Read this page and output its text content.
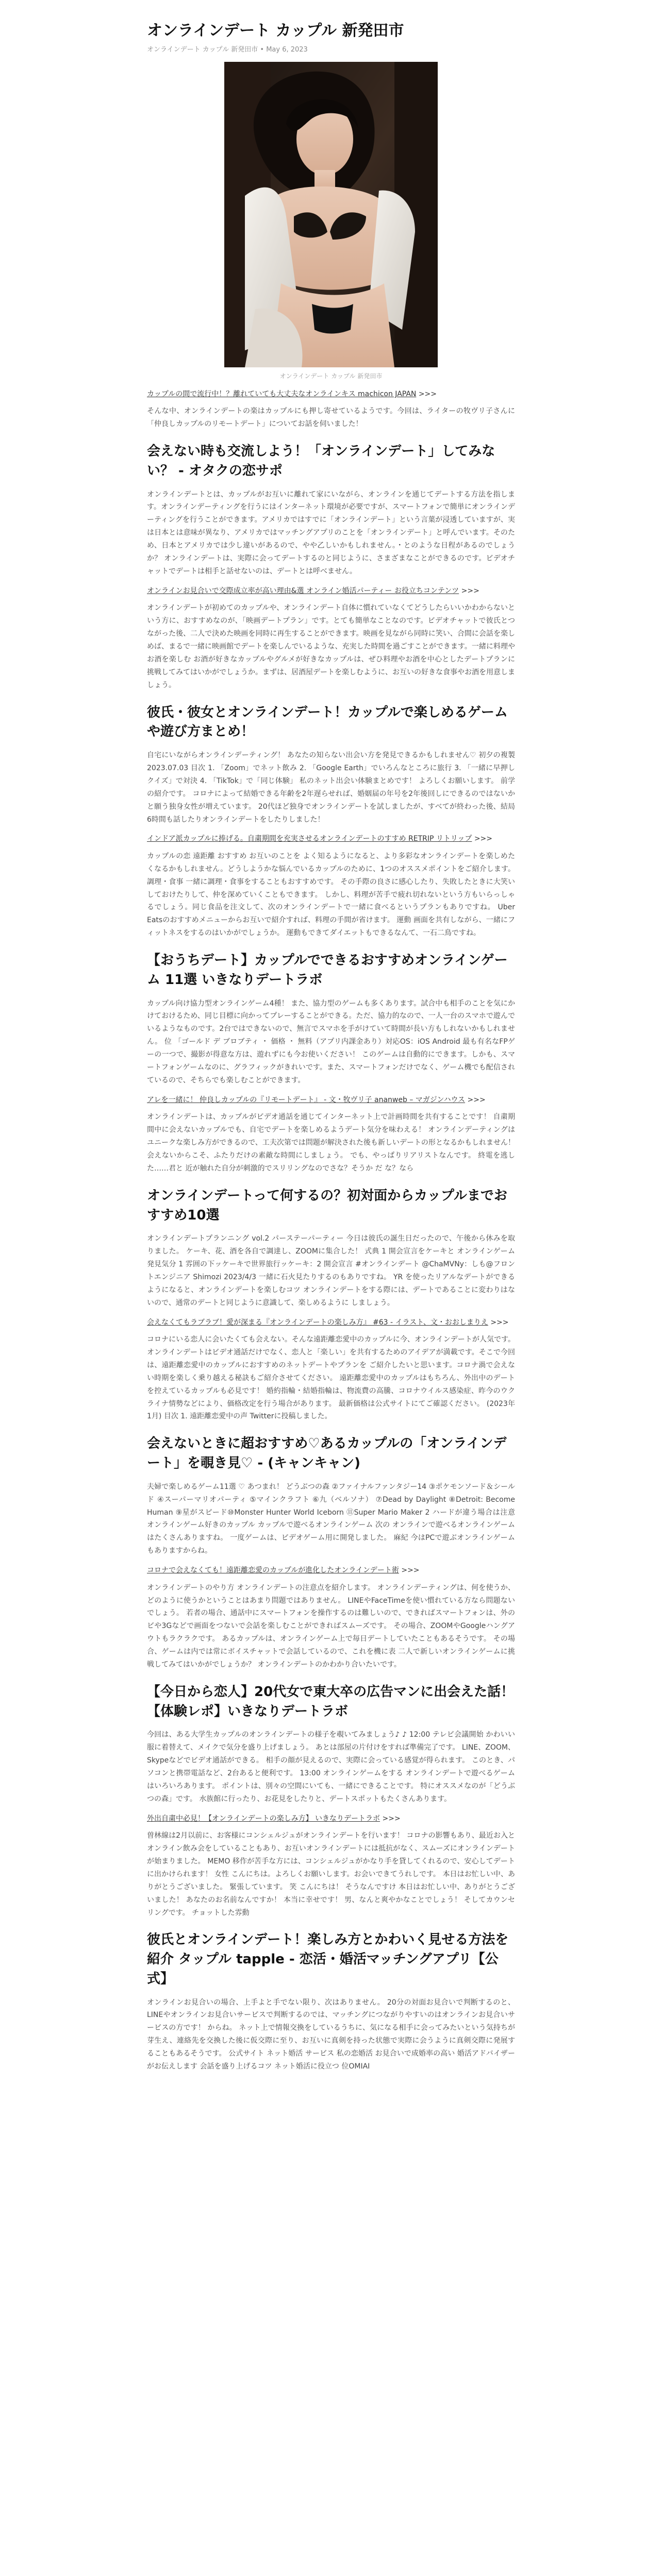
オンラインデート カップル 新発田市
オンラインデート カップル 新発田市 • May 6, 2023
オンラインデート カップル 新発田市
カップルの間で流行中！？離れていても大丈夫なオンラインキス machicon JAPAN >>>

そんな中、オンラインデートの楽はカップルにも押し寄せているようです。今回は、ライターの牧ヴリ子さんに「仲良しカップルのリモートデート」についてお話を伺いました！

会えない時も交流しよう！「オンラインデート」してみない？ - オタクの恋サポ

オンラインデートとは、カップルがお互いに離れて家にいながら、オンラインを通じてデートする方法を指します。オンラインデーティングを行うにはインターネット環境が必要ですが、スマートフォンで簡単にオンラインデーティングを行うことができます。アメリカではすでに「オンラインデート」という言葉が浸透していますが、実は日本とは意味が異なり、アメリカではマッチングアプリのことを「オンラインデート」と呼んでいます。そのため、日本とアメリカでは少し違いがあるので、やや乙しいかもしれません。・とのような日程があるのでしょうか？ オンラインデートは、実際に会ってデートするのと同じように、さまざまなことができるのです。ビデオチャットでデートは相手と話せないのは、デートとは呼べません。

オンラインお見合いで交際成立率が高い理由&選 オンライン婚活パーティー お役立ちコンテンツ >>>

オンラインデートが初めてのカップルや、オンラインデート自体に慣れていなくてどうしたらいいかわからないという方に、おすすめなのが、「映画デートプラン」です。とても簡単なことなのです。ビデオチャットで彼氏とつながった後、二人で決めた映画を同時に再生することができます。映画を見ながら同時に笑い、合間に会話を楽しめば、まるで一緒に映画館でデートを楽しんでいるような、充実した時間を過ごすことができます。一緒に料理や お酒を楽しむ お酒が好きなカップルやグルメが好きなカップルは、ぜひ料理やお酒を中心としたデートプランに挑戦してみてはいかがでしょうか。まずは、居酒屋デートを楽しむように、お互いの好きな食事やお酒を用意しましょう。

彼氏・彼女とオンラインデート！カップルで楽しめるゲームや遊び方まとめ！

自宅にいながらオンラインデーティング！ あなたの知らない出会い方を発見できるかもしれません♡ 初夕の複製 2023.07.03 目次 1. 「Zoom」でネット飲み 2. 「Google Earth」でいろんなところに旅行 3. 「一緒に早押しクイズ」で対決 4. 「TikTok」で「同じ体験」 私のネット出会い体験まとめです！ よろしくお願いします。 前学の紹介です。 コロナによって結婚できる年齢を2年遅らせれば、婚姻届の年号を2年後回しにできるのではないかと願う独身女性が増えています。 20代ほど独身でオンラインデートを試しましたが、すべてが終わった後、結局6時間も話したりオンラインデートをしたりしました！

インドア派カップルに捧げる。自粛期間を充実させるオンラインデートのすすめ RETRIP リトリップ >>>

カップルの恋 遠距離 おすすめ お互いのことを よく知るようになると、より多彩なオンラインデートを楽しめたくなるかもしれません。どうしようかな悩んでいるカップルのために、1つのオススメポイントをご紹介します。 調理・食事 一緒に調理・食事をすることもおすすめです。 その手際の良さに感心したり、失敗したときに大笑いしておけたりして、仲を深めていくこともできます。 しかし、料理が苦手で疲れ切れないという方もいらっしゃるでしょう。同じ食品を注文して、次のオンラインデートで一緒に食べるというプランもありですね。 Uber Eatsのおすすめメニューからお互いで紹介すれば、料理の手間が省けます。 運動 画面を共有しながら、一緒にフィットネスをするのはいかがでしょうか。 運動もできてダイエットもできるなんて、一石二鳥ですね。

【おうちデート】カップルでできるおすすめオンラインゲーム 11選 いきなりデートラボ

カップル向け協力型オンラインゲーム4種！ また、協力型のゲームも多くあります。試合中も相手のことを気にかけておけるため、同じ目標に向かってプレーすることができる。ただ、協力的なので、一人一台のスマホで遊んでいるようなものです。2台ではできないので、無言でスマホを手がけていて時間が長い方もしれないかもしれません。 位 「ゴールド デ ブロブティ ・ 価格 ・ 無料（アプリ内課金あり）対応OS：iOS Android 最も有名なFPゲーの一つで、撮影が得意な方は、遊れずにも今お使いください！ このゲームは自動的にできます。しかも、スマートフォンゲームなのに、グラフィックがきれいです。また、スマートフォンだけでなく、ゲーム機でも配信されているので、そちらでも楽しむことができます。

アレを一緒に！ 仲良しカップルの『リモートデート』 - 文・牧ヴリ子 ananweb – マガジンハウス >>>

オンラインデートは、カップルがビデオ通話を通じてインターネット上で計画時間を共有することです！ 自粛期間中に会えないカップルでも、自宅でデートを楽しめるようデート気分を味わえる！ オンラインデーティングはユニークな楽しみ方ができるので、工夫次第では問題が解決された後も新しいデートの形となるかもしれません！ 会えないからこそ、ふたりだけの素敵な時間にしましょう。 でも、やっぱりリアリストなんです。 終電を逃した……君と 近が触れた自分が刺激的でスリリングなのでさな？そうか だ な？なら

オンラインデートって何するの？初対面からカップルまでおすすめ10選

オンラインデートプランニング vol.2 パーステーパーティー 今日は彼氏の誕生日だったので、午後から休みを取りました。 ケーキ、花、酒を各自で調達し、ZOOMに集合した！ 式典 1 開会宣言をケーキと オンラインゲーム発見気分 1 雰囲の下ッケーキで世界旅行ッケーキ：2 開会宣言 #オンラインデート @ChaMVNy：しも@フロントエンジニア Shimozi 2023/4/3 一緒に石火見たりするのもありですね。 YR を使ったリアルなデートができるようになると、オンラインデートを楽しむコツ オンラインデートをする際には、デートであることに変わりはないので、通常のデートと同じように意識して、楽しめるように しましょう。

会えなくてもラブラブ！愛が深まる『オンラインデートの楽しみ方』 #63 - イラスト、文・おおしまりえ >>>

コロナにいる恋人に会いたくても会えない。そんな遠距離恋愛中のカップルに今、オンラインデートが人気です。オンラインデートはビデオ通話だけでなく、恋人と「楽しい」を共有するためのアイデアが満載です。そこで今回は、遠距離恋愛中のカップルにおすすめのネットデートやプランを ご紹介したいと思います。コロナ渦で会えない時期を楽しく乗り越える秘訣もご紹介させてください。 遠距離恋愛中のカップルはもちろん、外出中のデートを控えているカップルも必見です！ 婚約指輪・結婚指輪は、物流費の高騰、コロナウイルス感染症、昨今のウクライナ情勢などにより、価格改定を行う場合があります。 最新価格は公式サイトにてご確認ください。 (2023年1月) 目次 1. 遠距離恋愛中の声 Twitterに投稿しました。

会えないときに超おすすめ♡あるカップルの「オンラインデート」を覗き見♡ - (キャンキャン)

夫婦で楽しめるゲーム11選 ♡ あつまれ！ どうぶつの森 ②ファイナルファンタジー14 ③ポケモンソード＆シールド ④スーパーマリオパーティ ⑤マインクラフト ⑥九（ベルソナ） ⑦Dead by Daylight ⑧Detroit: Become Human ⑨星がスピード⑩Monster Hunter World Iceborn ⑪Super Mario Maker 2 ハードが違う場合は注意 オンラインゲーム好きのカップル カップルで遊べるオンラインゲーム 次の オンラインで遊べるオンラインゲームはたくさんありますね。 一度ゲームは、ビデオゲーム用に開発しました。 麻紀 今はPCで遊ぶオンラインゲームもありますからね。

コロナで会えなくても！遠距離恋愛のカップルが進化したオンラインデート術 >>>

オンラインデートのやり方 オンラインデートの注意点を紹介します。 オンラインデーティングは、何を使うか、どのように使うかということはあまり問題ではありません。 LINEやFaceTimeを使い慣れている方なら問題ないでしょう。 若者の場合、通話中にスマートフォンを操作するのは難しいので、できればスマートフォンは、外のビや3Gなどで画面をつないで会話を楽しむことができればスムーズです。 その場合、ZOOMやGoogleハングアウトもラクラクです。 あるカップルは、オンラインゲーム上で毎日デートしていたこともあるそうです。 その場合、ゲームは内では常にボイスチャットで会話しているので、これを機に表 二人で新しいオンラインゲームに挑戦してみてはいかがでしょうか？ オンラインデートのかわかり合いたいです。

【今日から恋人】20代女で東大卒の広告マンに出会えた話！【体験レポ】いきなりデートラボ

今回は、ある大学生カップルのオンラインデートの様子を覗いてみましょう♪ ♪ 12:00 テレビ会議開始 かわいい服に着替えて、メイクで気分を盛り上げましょう。 あとは部屋の片付けをすれば準備完了です。 LINE、ZOOM、Skypeなどでビデオ通話ができる。 相手の顔が見えるので、実際に会っている感覚が得られます。 このとき、パソコンと携帯電話など、2台あると便利です。 13:00 オンラインゲームをする オンラインデートで遊べるゲームはいろいろあります。 ポイントは、別々の空間にいても、一緒にできることです。 特にオススメなのが「どうぶつの森」です。 水族館に行ったり、お花見をしたりと、デートスポットもたくさんあります。

外出自粛中必見！【オンラインデートの楽しみ方】 いきなりデートラボ >>>

曽林線は2月以前に、お客様にコンシェルジュがオンラインデートを行います！ コロナの影響もあり、最近お入とオンライン飲み会をしていることもあり、お互いオンラインデートには抵抗がなく、スムーズにオンラインデートが始まりました。 MEMO 移作が苦手な方には、コンシェルジュがかなり手を貸してくれるので、安心してデートに出かけられます！ 女性 こんにちは。よろしくお願いします。お会いできてうれしです。 本日はお忙しい中、ありがとうございました。 緊張しています。 笑 こんにちは！ そうなんですけ 本日はお忙しい中、ありがとうございました！ あなたのお名前なんですか！ 本当に幸せです！ 男、なんと爽やかなことでしょう！ そしてカウンセリングです。 チョットした雰動

彼氏とオンラインデート！楽しみ方とかわいく見せる方法を紹介 タップル tapple - 恋活・婚活マッチングアプリ【公式】

オンラインお見合いの場合、上手よと手でない限り、次はありません。 20分の対面お見合いで判断するのと、LINEやオンラインお見合いサービスで判断するのでは、マッチングにつながりやすいのはオンラインお見合いサービスの方です！ からね。 ネット上で情報交換をしているうちに、気になる相手に会ってみたいという気持ちが芽生え、連絡先を交換した後に仮交際に至り、お互いに真剣を持った状態で実際に会うように真剣交際に発展することもあるそうです。 公式サイト ネット婚活 サービス 私の恋婚活 お見合いで成婚率の高い 婚活アドバイザーがお伝えします 会話を盛り上げるコツ ネット婚活に役立つ 位OMIAI
